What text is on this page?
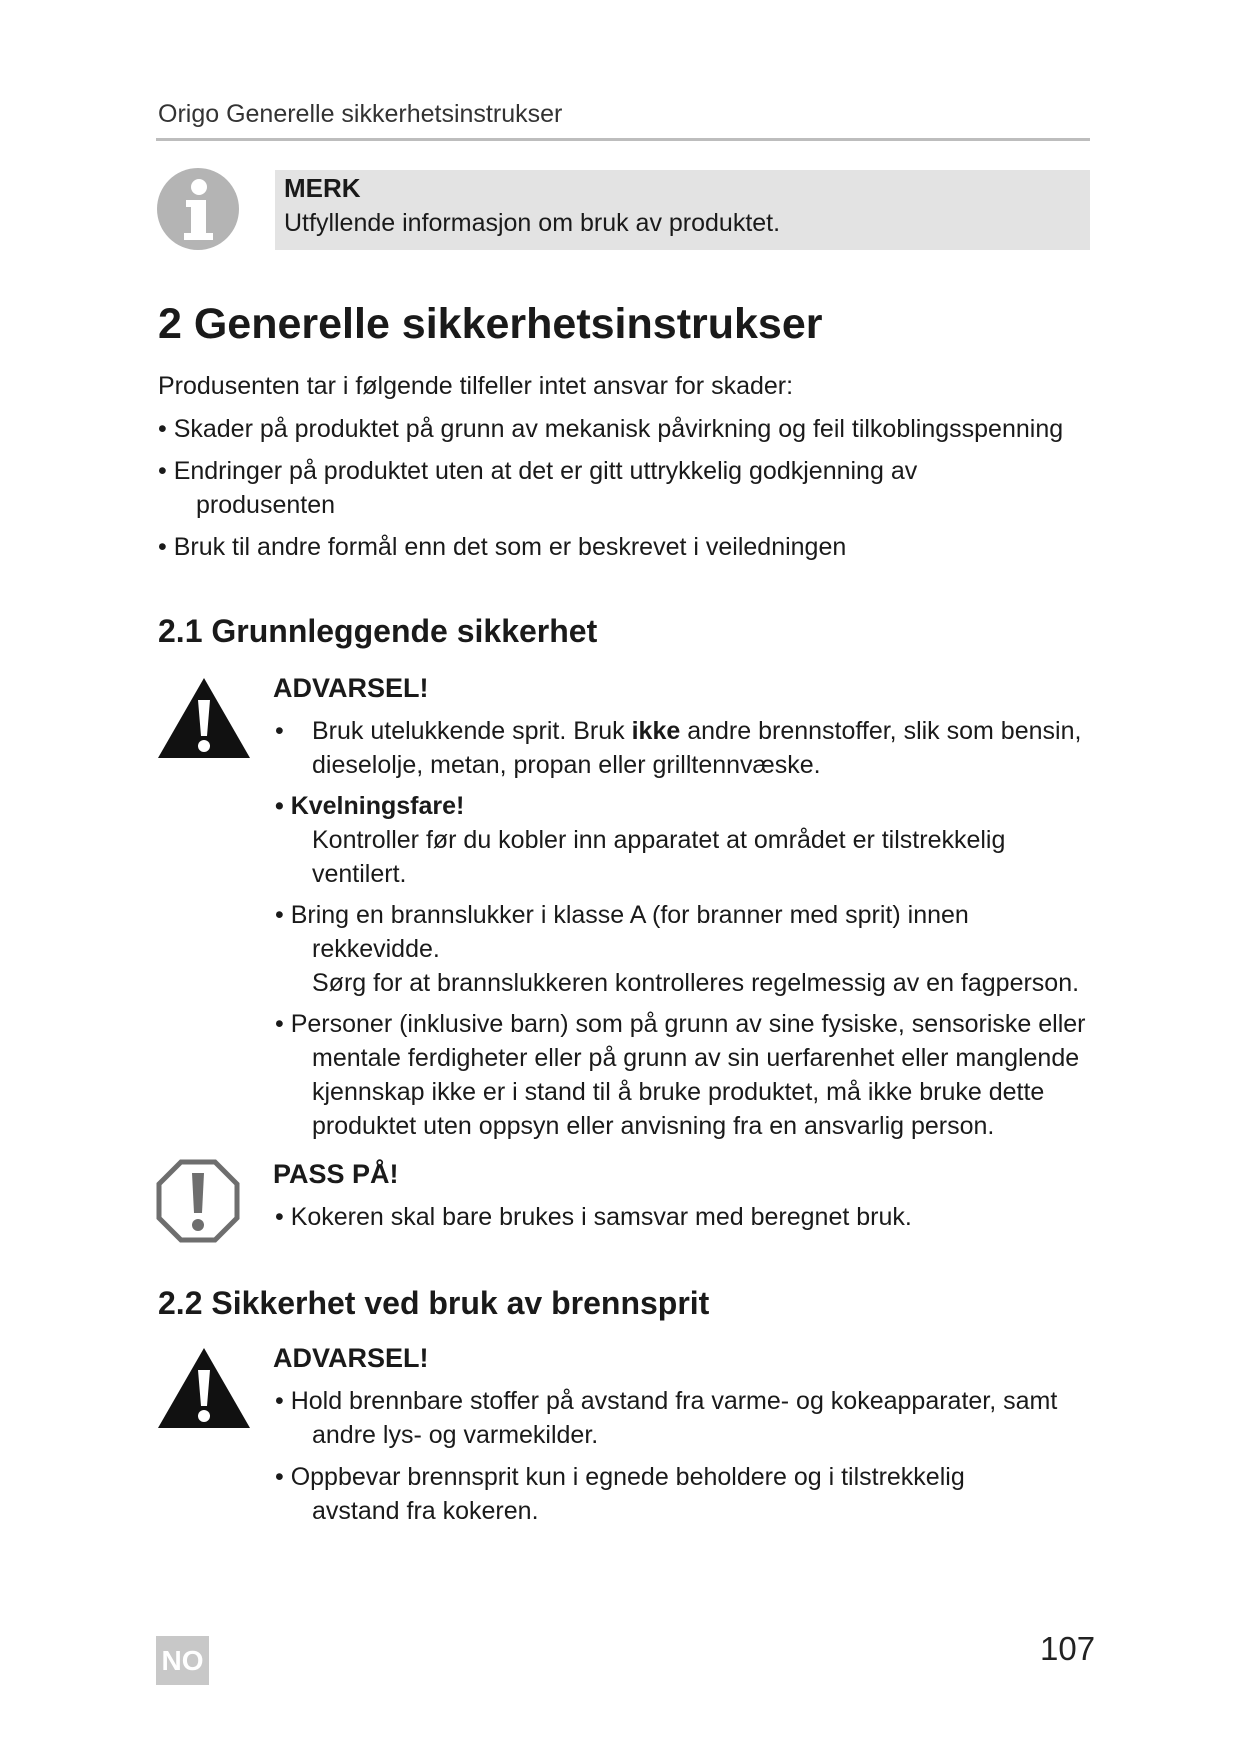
Origo Generelle sikkerhetsinstrukser
MERK
Utfyllende informasjon om bruk av produktet.
2 Generelle sikkerhetsinstrukser
Produsenten tar i følgende tilfeller intet ansvar for skader:
• Skader på produktet på grunn av mekanisk påvirkning og feil tilkoblingsspenning
• Endringer på produktet uten at det er gitt uttrykkelig godkjenning av
produsenten
• Bruk til andre formål enn det som er beskrevet i veiledningen
2.1 Grunnleggende sikkerhet
ADVARSEL!
• Bruk utelukkende sprit. Bruk ikke andre brennstoffer, slik som bensin,
dieselolje, metan, propan eller grilltennvæske.
• Kvelningsfare!
Kontroller før du kobler inn apparatet at området er tilstrekkelig
ventilert.
• Bring en brannslukker i klasse A (for branner med sprit) innen
rekkevidde.
Sørg for at brannslukkeren kontrolleres regelmessig av en fagperson.
• Personer (inklusive barn) som på grunn av sine fysiske, sensoriske eller
mentale ferdigheter eller på grunn av sin uerfarenhet eller manglende
kjennskap ikke er i stand til å bruke produktet, må ikke bruke dette
produktet uten oppsyn eller anvisning fra en ansvarlig person.
PASS PÅ!
• Kokeren skal bare brukes i samsvar med beregnet bruk.
2.2 Sikkerhet ved bruk av brennsprit
ADVARSEL!
• Hold brennbare stoffer på avstand fra varme- og kokeapparater, samt
andre lys- og varmekilder.
• Oppbevar brennsprit kun i egnede beholdere og i tilstrekkelig
avstand fra kokeren.
NO	107
